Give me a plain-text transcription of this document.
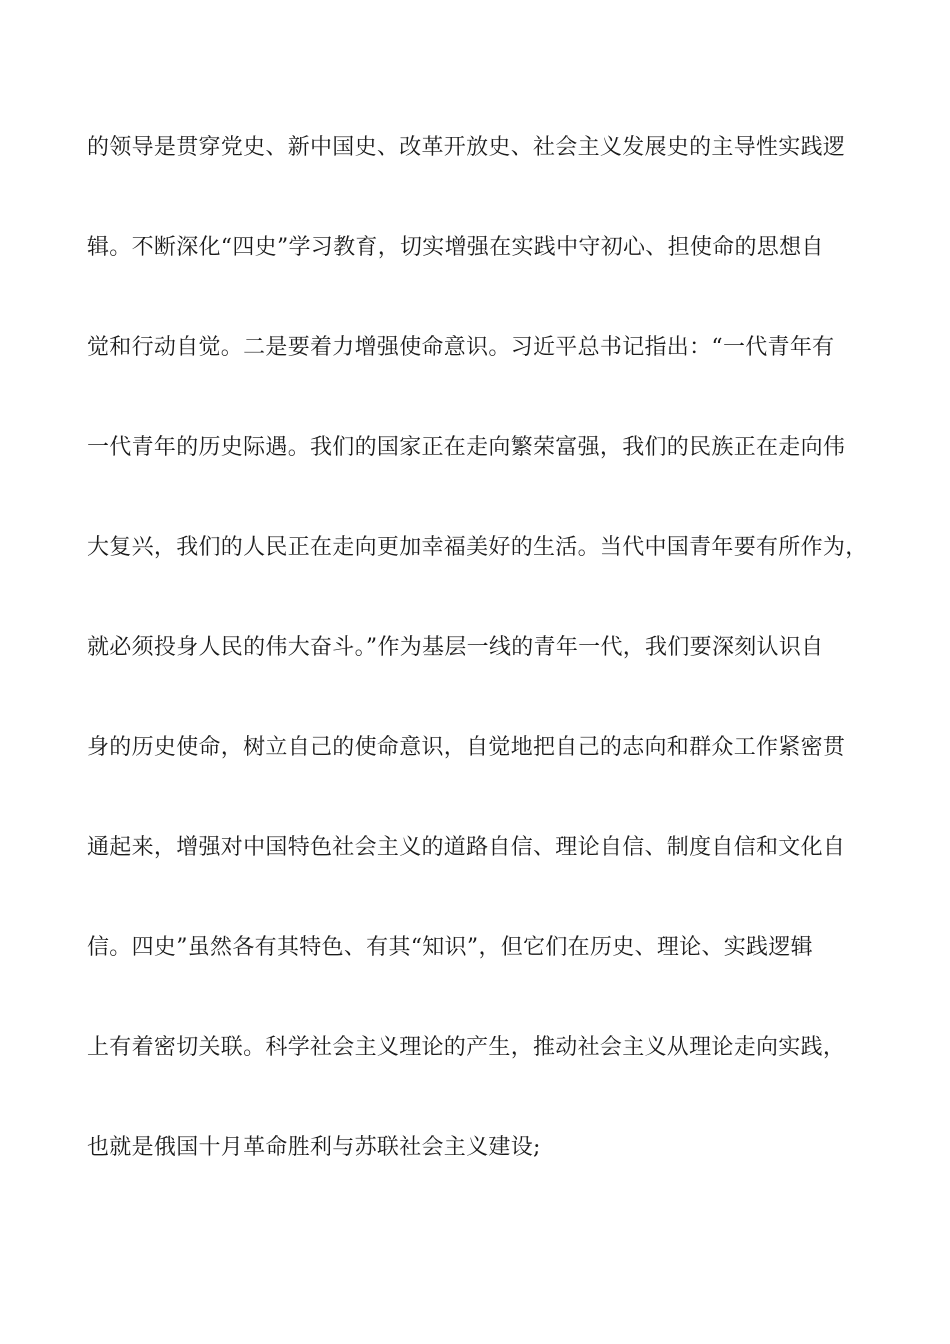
的领导是贯穿党史、新中国史、改革开放史、社会主义发展史的主导性实践逻
辑。不断深化“四史”学习教育，切实增强在实践中守初心、担使命的思想自
觉和行动自觉。二是要着力增强使命意识。习近平总书记指出：“一代青年有
一代青年的历史际遇。我们的国家正在走向繁荣富强，我们的民族正在走向伟
大复兴，我们的人民正在走向更加幸福美好的生活。当代中国青年要有所作为，
就必须投身人民的伟大奋斗。”作为基层一线的青年一代，我们要深刻认识自
身的历史使命，树立自己的使命意识，自觉地把自己的志向和群众工作紧密贯
通起来，增强对中国特色社会主义的道路自信、理论自信、制度自信和文化自
信。四史”虽然各有其特色、有其“知识”，但它们在历史、理论、实践逻辑
上有着密切关联。科学社会主义理论的产生，推动社会主义从理论走向实践，
也就是俄国十月革命胜利与苏联社会主义建设;
